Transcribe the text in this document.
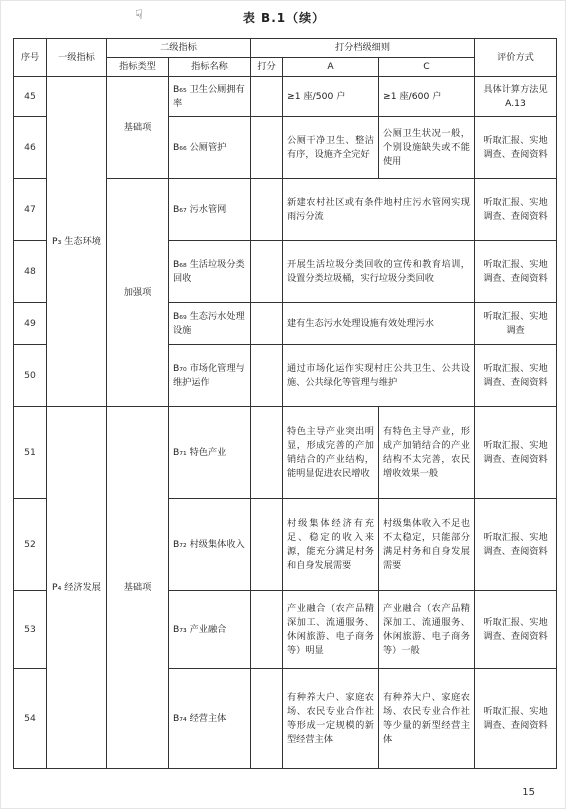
☟	表 B.1（续）
序号	一级指标	二级指标		打分档级细则			评价方式
		指标类型	指标名称	打分	A	C	
45	P₃ 生态环境	基础项	B₆₅ 卫生公厕拥有率		≥1 座/500 户	≥1 座/600 户	具体计算方法见 A.13
46			B₆₆ 公厕管护		公厕干净卫生、整洁有序，设施齐全完好	公厕卫生状况一般，个别设施缺失或不能使用	听取汇报、实地调查、查阅资料
47		加强项	B₆₇ 污水管网		新建农村社区或有条件地村庄污水管网实现雨污分流		听取汇报、实地调查、查阅资料
48			B₆₈ 生活垃圾分类回收		开展生活垃圾分类回收的宣传和教育培训，设置分类垃圾桶，实行垃圾分类回收		听取汇报、实地调查、查阅资料
49			B₆₉ 生态污水处理设施		建有生态污水处理设施有效处理污水		听取汇报、实地调查
50			B₇₀ 市场化管理与维护运作		通过市场化运作实现村庄公共卫生、公共设施、公共绿化等管理与维护		听取汇报、实地调查、查阅资料
51	P₄ 经济发展	基础项	B₇₁ 特色产业		特色主导产业突出明显，形成完善的产加销结合的产业结构，能明显促进农民增收	有特色主导产业，形成产加销结合的产业结构不太完善，农民增收效果一般	听取汇报、实地调查、查阅资料
52			B₇₂ 村级集体收入		村级集体经济有充足、稳定的收入来源，能充分满足村务和自身发展需要	村级集体收入不足也不太稳定，只能部分满足村务和自身发展需要	听取汇报、实地调查、查阅资料
53			B₇₃ 产业融合		产业融合（农产品精深加工、流通服务、休闲旅游、电子商务等）明显	产业融合（农产品精深加工、流通服务、休闲旅游、电子商务等）一般	听取汇报、实地调查、查阅资料
54			B₇₄ 经营主体		有种养大户、家庭农场、农民专业合作社等形成一定规模的新型经营主体	有种养大户、家庭农场、农民专业合作社等少量的新型经营主体	听取汇报、实地调查、查阅资料
15
